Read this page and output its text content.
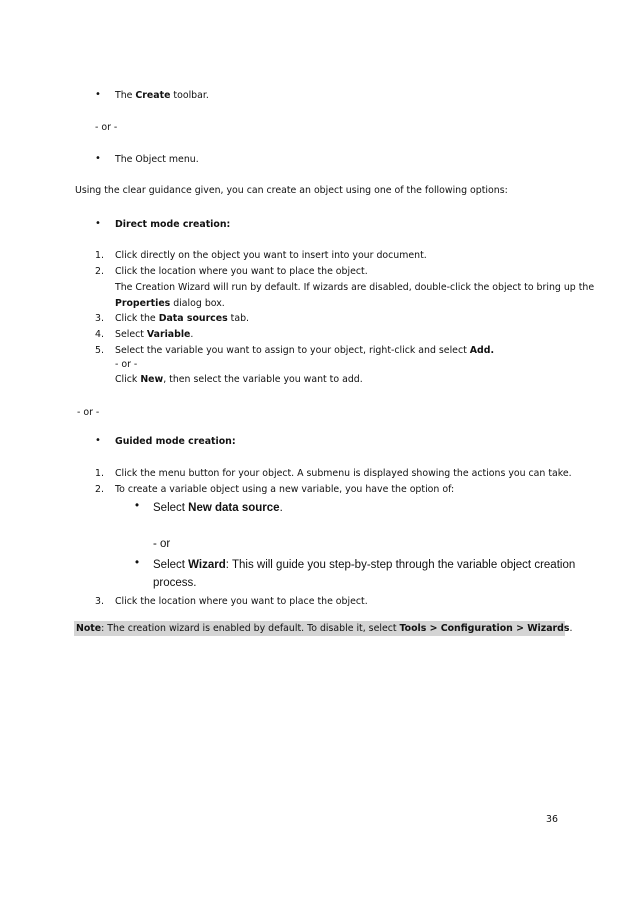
• The Create toolbar.
- or -
• The Object menu.
Using the clear guidance given, you can create an object using one of the following options:
• Direct mode creation:
1. Click directly on the object you want to insert into your document.
2. Click the location where you want to place the object.
The Creation Wizard will run by default. If wizards are disabled, double-click the object to bring up the
Properties dialog box.
3. Click the Data sources tab.
4. Select Variable.
5. Select the variable you want to assign to your object, right-click and select Add.
- or -
Click New, then select the variable you want to add.
- or -
• Guided mode creation:
1. Click the menu button for your object. A submenu is displayed showing the actions you can take.
2. To create a variable object using a new variable, you have the option of:
• Select New data source.
- or
• Select Wizard: This will guide you step-by-step through the variable object creation
process.
3. Click the location where you want to place the object.
Note: The creation wizard is enabled by default. To disable it, select Tools > Configuration > Wizards.
36
